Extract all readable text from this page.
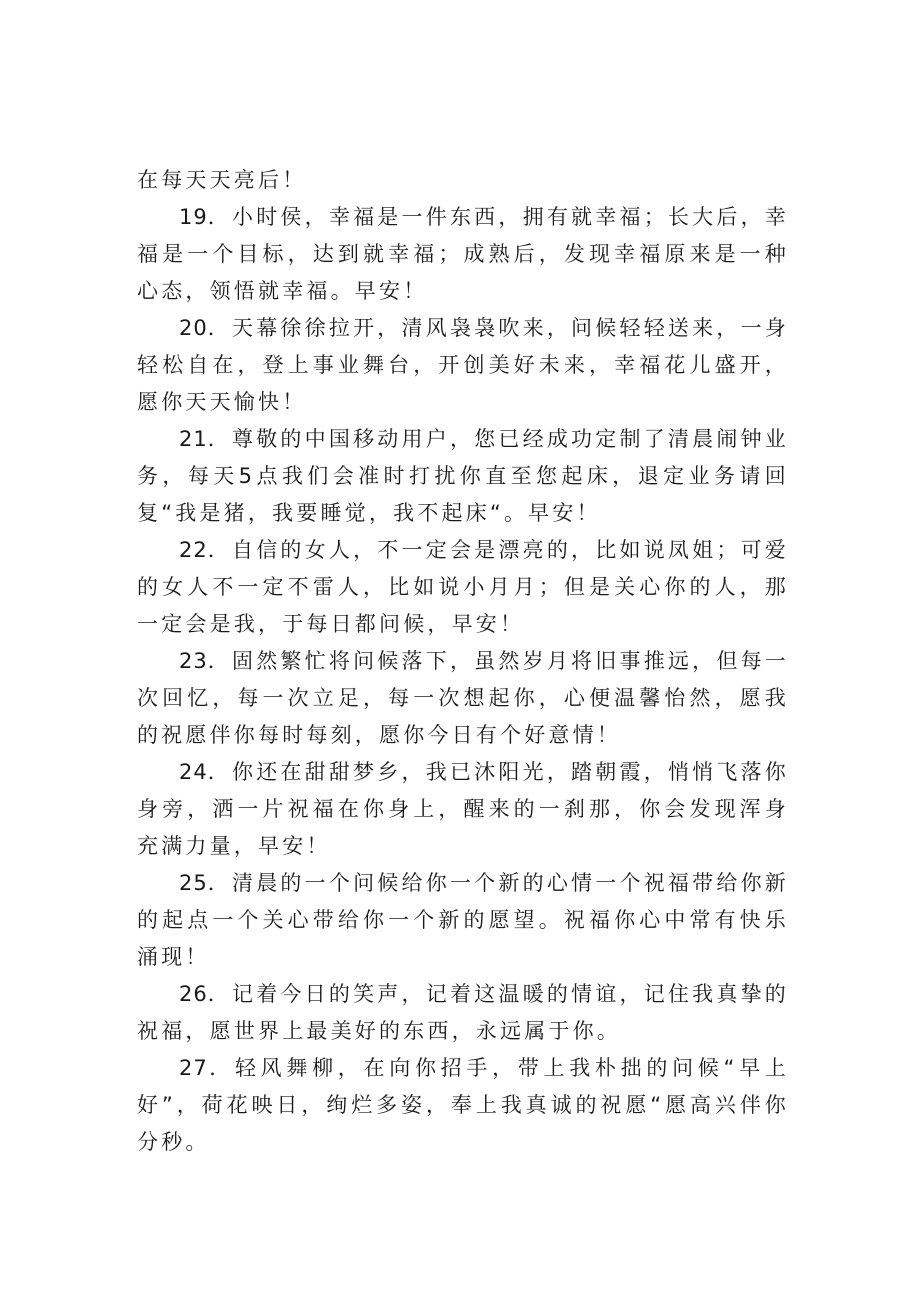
在每天天亮后！

19．小时侯，幸福是一件东西，拥有就幸福；长大后，幸福是一个目标，达到就幸福；成熟后，发现幸福原来是一种心态，领悟就幸福。早安！

20．天幕徐徐拉开，清风袅袅吹来，问候轻轻送来，一身轻松自在，登上事业舞台，开创美好未来，幸福花儿盛开，愿你天天愉快！

21．尊敬的中国移动用户，您已经成功定制了清晨闹钟业务，每天5点我们会准时打扰你直至您起床，退定业务请回复“我是猪，我要睡觉，我不起床“。早安！

22．自信的女人，不一定会是漂亮的，比如说凤姐；可爱的女人不一定不雷人，比如说小月月；但是关心你的人，那一定会是我，于每日都问候，早安！

23．固然繁忙将问候落下，虽然岁月将旧事推远，但每一次回忆，每一次立足，每一次想起你，心便温馨怡然，愿我的祝愿伴你每时每刻，愿你今日有个好意情！

24．你还在甜甜梦乡，我已沐阳光，踏朝霞，悄悄飞落你身旁，洒一片祝福在你身上，醒来的一刹那，你会发现浑身充满力量，早安！

25．清晨的一个问候给你一个新的心情一个祝福带给你新的起点一个关心带给你一个新的愿望。祝福你心中常有快乐涌现！

26．记着今日的笑声，记着这温暖的情谊，记住我真挚的祝福，愿世界上最美好的东西，永远属于你。

27．轻风舞柳，在向你招手，带上我朴拙的问候“早上好”，荷花映日，绚烂多姿，奉上我真诚的祝愿“愿高兴伴你分秒。
